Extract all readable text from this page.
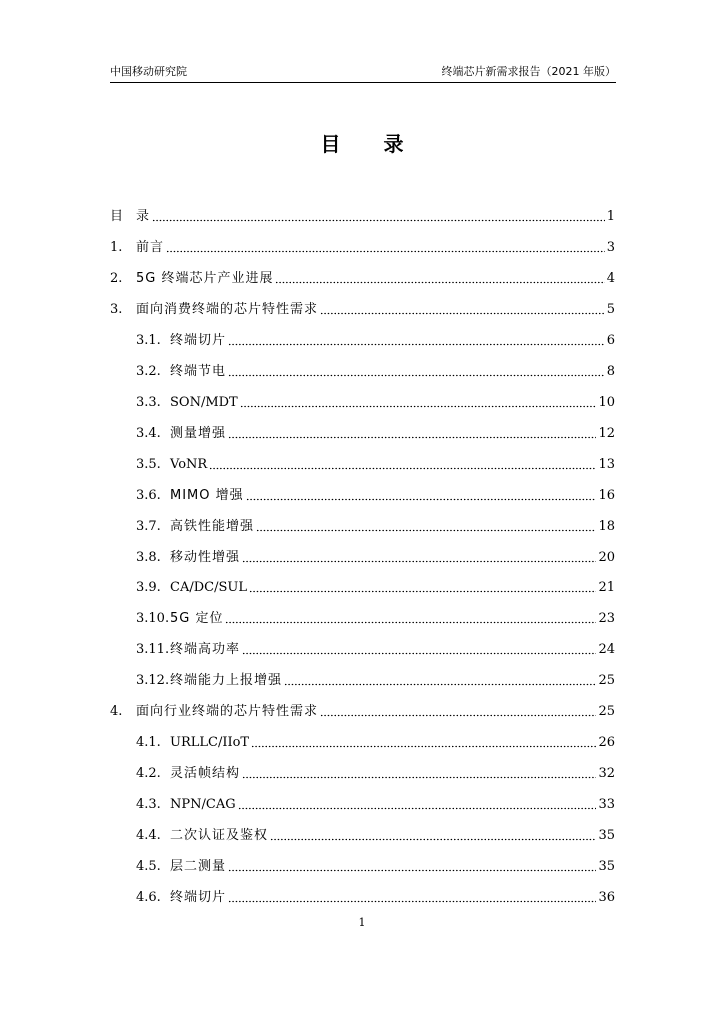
中国移动研究院	终端芯片新需求报告（2021 年版）
目 录
目 录	1
1.	前言	3
2.	5G 终端芯片产业进展	4
3.	面向消费终端的芯片特性需求	5
3.1. 终端切片	6
3.2. 终端节电	8
3.3. SON/MDT	10
3.4. 测量增强	12
3.5. VoNR	13
3.6. MIMO 增强	16
3.7. 高铁性能增强	18
3.8. 移动性增强	20
3.9. CA/DC/SUL	21
3.10. 5G 定位	23
3.11. 终端高功率	24
3.12. 终端能力上报增强	25
4.	面向行业终端的芯片特性需求	25
4.1. URLLC/IIoT	26
4.2. 灵活帧结构	32
4.3. NPN/CAG	33
4.4. 二次认证及鉴权	35
4.5. 层二测量	35
4.6. 终端切片	36
1
